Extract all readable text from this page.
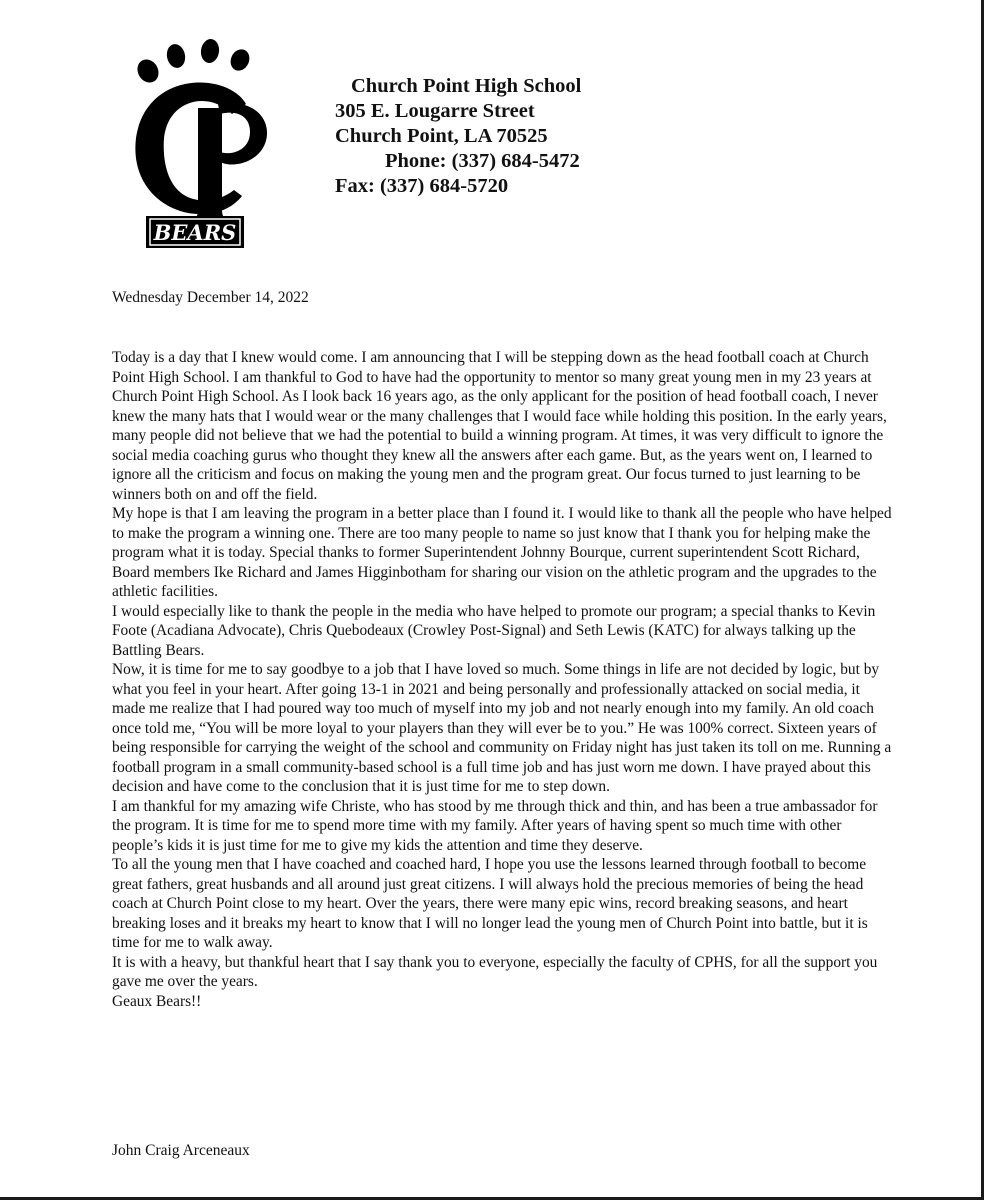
BEARS
Church Point High School
305 E. Lougarre Street
Church Point, LA 70525
Phone: (337) 684-5472
Fax: (337) 684-5720
Wednesday December 14, 2022

Today is a day that I knew would come. I am announcing that I will be stepping down as the head football coach at Church Point High School. I am thankful to God to have had the opportunity to mentor so many great young men in my 23 years at Church Point High School. As I look back 16 years ago, as the only applicant for the position of head football coach, I never knew the many hats that I would wear or the many challenges that I would face while holding this position. In the early years, many people did not believe that we had the potential to build a winning program. At times, it was very difficult to ignore the social media coaching gurus who thought they knew all the answers after each game. But, as the years went on, I learned to ignore all the criticism and focus on making the young men and the program great. Our focus turned to just learning to be winners both on and off the field.

My hope is that I am leaving the program in a better place than I found it. I would like to thank all the people who have helped to make the program a winning one. There are too many people to name so just know that I thank you for helping make the program what it is today. Special thanks to former Superintendent Johnny Bourque, current superintendent Scott Richard, Board members Ike Richard and James Higginbotham for sharing our vision on the athletic program and the upgrades to the athletic facilities.

I would especially like to thank the people in the media who have helped to promote our program; a special thanks to Kevin Foote (Acadiana Advocate), Chris Quebodeaux (Crowley Post-Signal) and Seth Lewis (KATC) for always talking up the Battling Bears.

Now, it is time for me to say goodbye to a job that I have loved so much. Some things in life are not decided by logic, but by what you feel in your heart. After going 13-1 in 2021 and being personally and professionally attacked on social media, it made me realize that I had poured way too much of myself into my job and not nearly enough into my family. An old coach once told me, “You will be more loyal to your players than they will ever be to you.” He was 100% correct. Sixteen years of being responsible for carrying the weight of the school and community on Friday night has just taken its toll on me. Running a football program in a small community-based school is a full time job and has just worn me down. I have prayed about this decision and have come to the conclusion that it is just time for me to step down.

I am thankful for my amazing wife Christe, who has stood by me through thick and thin, and has been a true ambassador for the program. It is time for me to spend more time with my family. After years of having spent so much time with other people’s kids it is just time for me to give my kids the attention and time they deserve.

To all the young men that I have coached and coached hard, I hope you use the lessons learned through football to become great fathers, great husbands and all around just great citizens. I will always hold the precious memories of being the head coach at Church Point close to my heart. Over the years, there were many epic wins, record breaking seasons, and heart breaking loses and it breaks my heart to know that I will no longer lead the young men of Church Point into battle, but it is time for me to walk away.

It is with a heavy, but thankful heart that I say thank you to everyone, especially the faculty of CPHS, for all the support you gave me over the years.

Geaux Bears!!

John Craig Arceneaux
